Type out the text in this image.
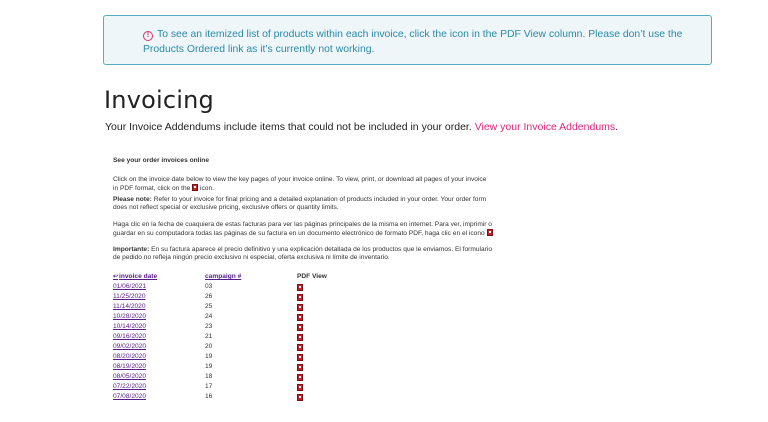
! To see an itemized list of products within each invoice, click the icon in the PDF View column. Please don’t use the Products Ordered link as it’s currently not working.
Invoicing
Your Invoice Addendums include items that could not be included in your order. View your Invoice Addendums.

See your order invoices online

Click on the invoice date below to view the key pages of your invoice online. To view, print, or download all pages of your invoice in PDF format, click on the icon.

Please note: Refer to your invoice for final pricing and a detailed explanation of products included in your order. Your order form does not reflect special or exclusive pricing, exclusive offers or quantity limits.

Haga clic en la fecha de cuaquiera de estas facturas para ver las páginas principales de la misma en internet. Para ver, imprimir o guardar en su computadora todas las páginas de su factura en un documento electrónico de formato PDF, haga clic en el icono

Importante: En su factura aparece el precio definitivo y una explicación detallada de los productos que le enviamos. El formulario de pedido no refleja ningún precio exclusivo ni especial, oferta exclusiva ni límite de inventario.

↩invoice date	campaign #	PDF View
01/06/2021	03
11/25/2020	26
11/14/2020	25
10/28/2020	24
10/14/2020	23
09/16/2020	21
09/02/2020	20
08/20/2020	19
08/19/2020	19
08/05/2020	18
07/22/2020	17
07/08/2020	16
